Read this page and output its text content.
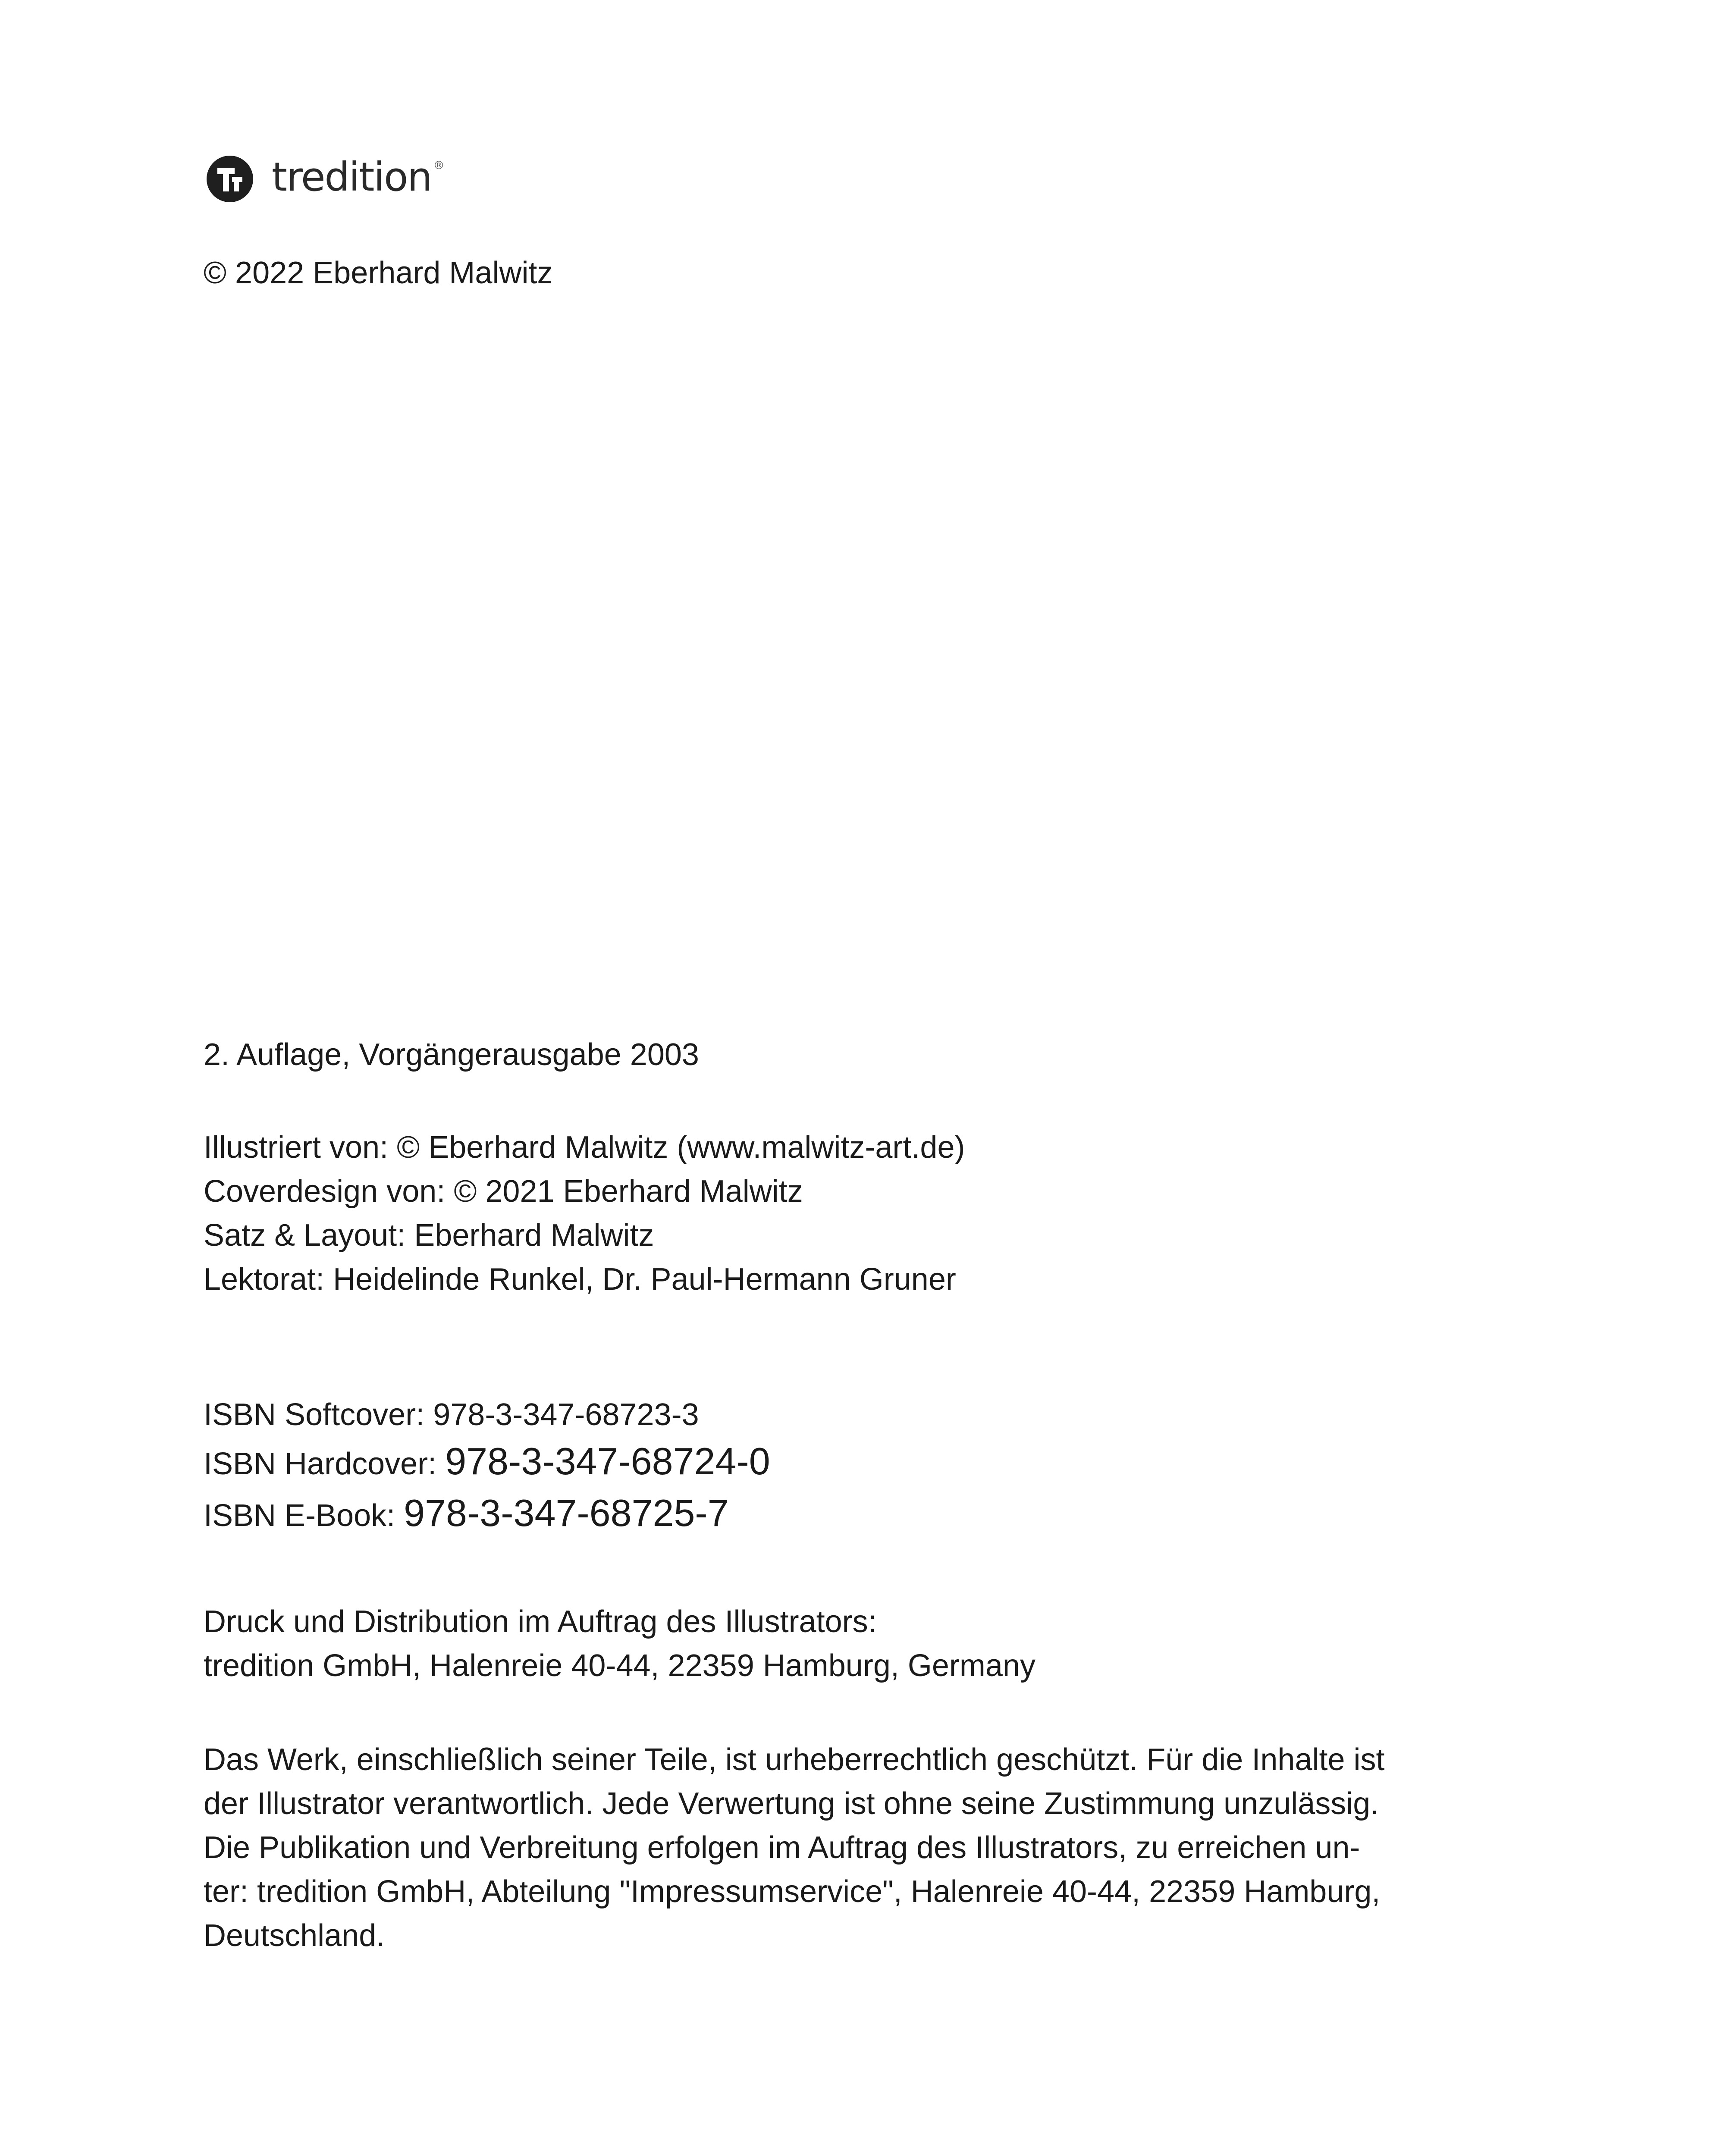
tredition ®
© 2022 Eberhard Malwitz
2. Auflage, Vorgängerausgabe 2003

Illustriert von: © Eberhard Malwitz (www.malwitz-art.de)

Coverdesign von: © 2021 Eberhard Malwitz

Satz & Layout: Eberhard Malwitz

Lektorat: Heidelinde Runkel, Dr. Paul-Hermann Gruner

ISBN Softcover: 978-3-347-68723-3
ISBN Hardcover: 978-3-347-68724-0
ISBN E-Book: 978-3-347-68725-7

Druck und Distribution im Auftrag des Illustrators:

tredition GmbH, Halenreie 40-44, 22359 Hamburg, Germany

Das Werk, einschließlich seiner Teile, ist urheberrechtlich geschützt. Für die Inhalte ist

der Illustrator verantwortlich. Jede Verwertung ist ohne seine Zustimmung unzulässig.

Die Publikation und Verbreitung erfolgen im Auftrag des Illustrators, zu erreichen un-

ter: tredition GmbH, Abteilung "Impressumservice", Halenreie 40-44, 22359 Hamburg,

Deutschland.
